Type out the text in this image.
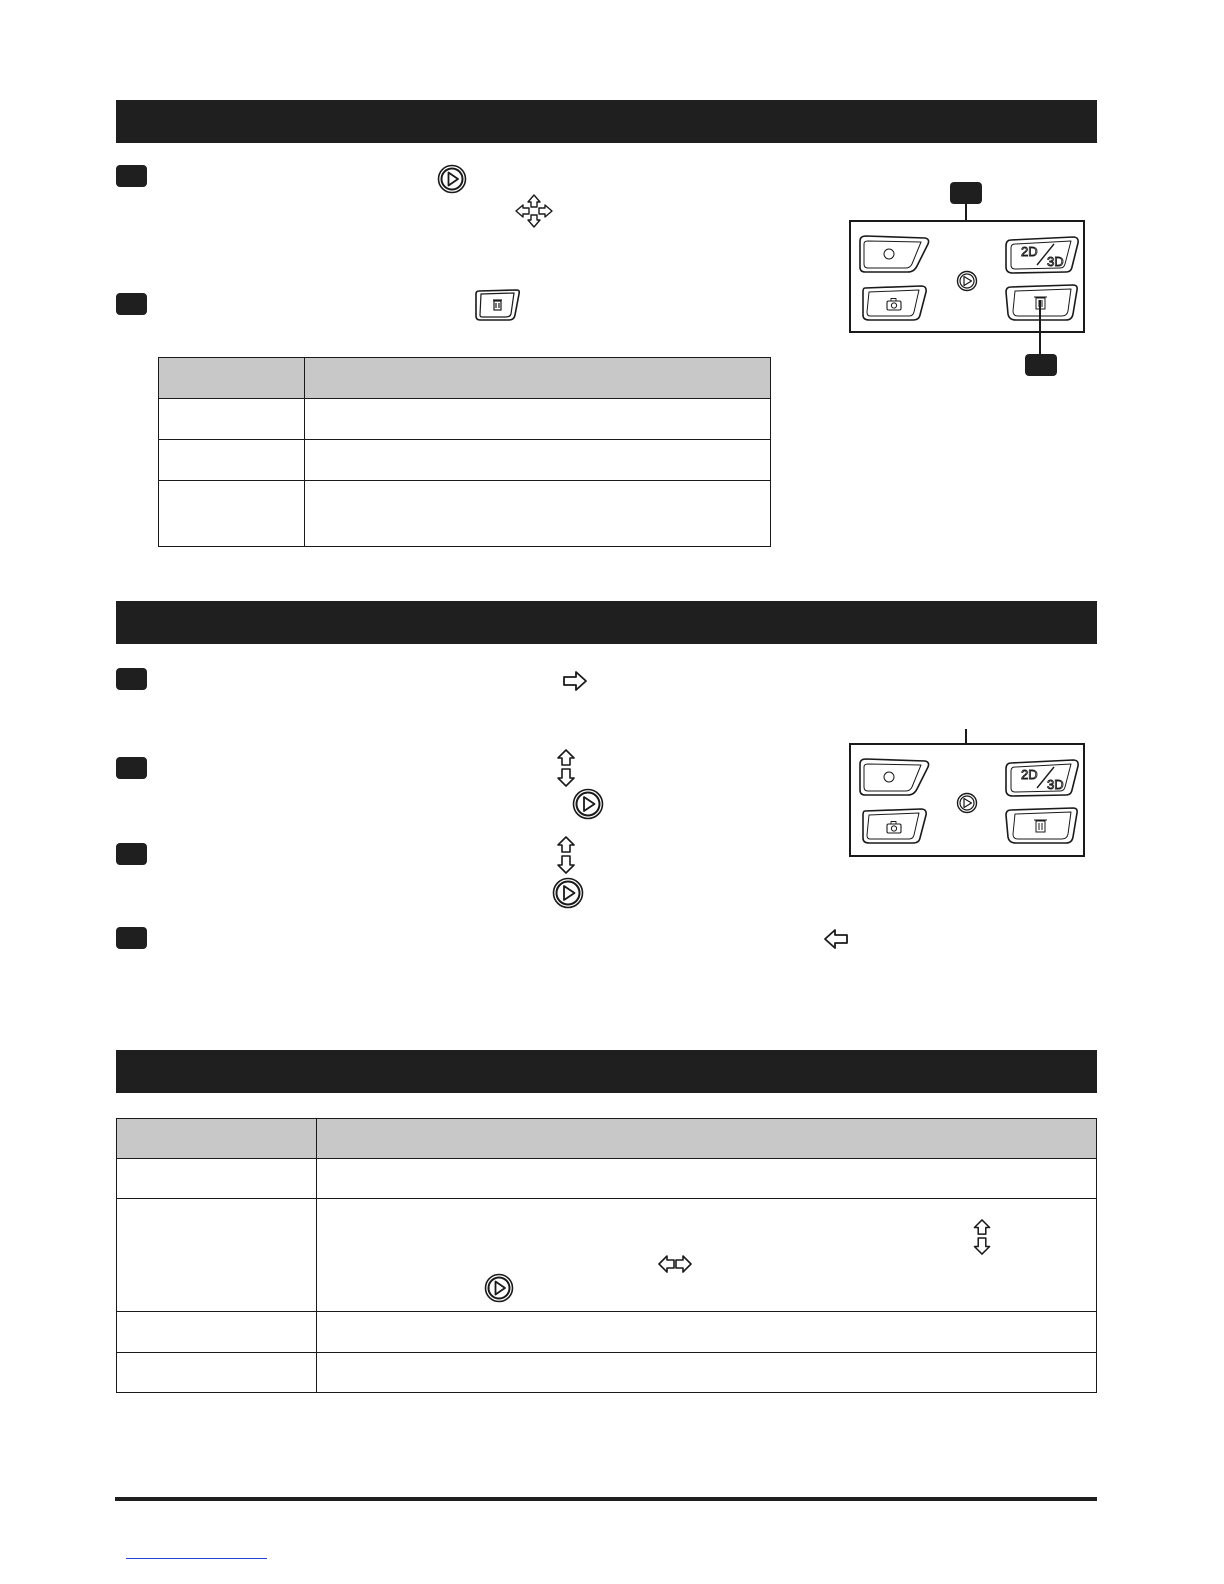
2D
3D
2D
3D
